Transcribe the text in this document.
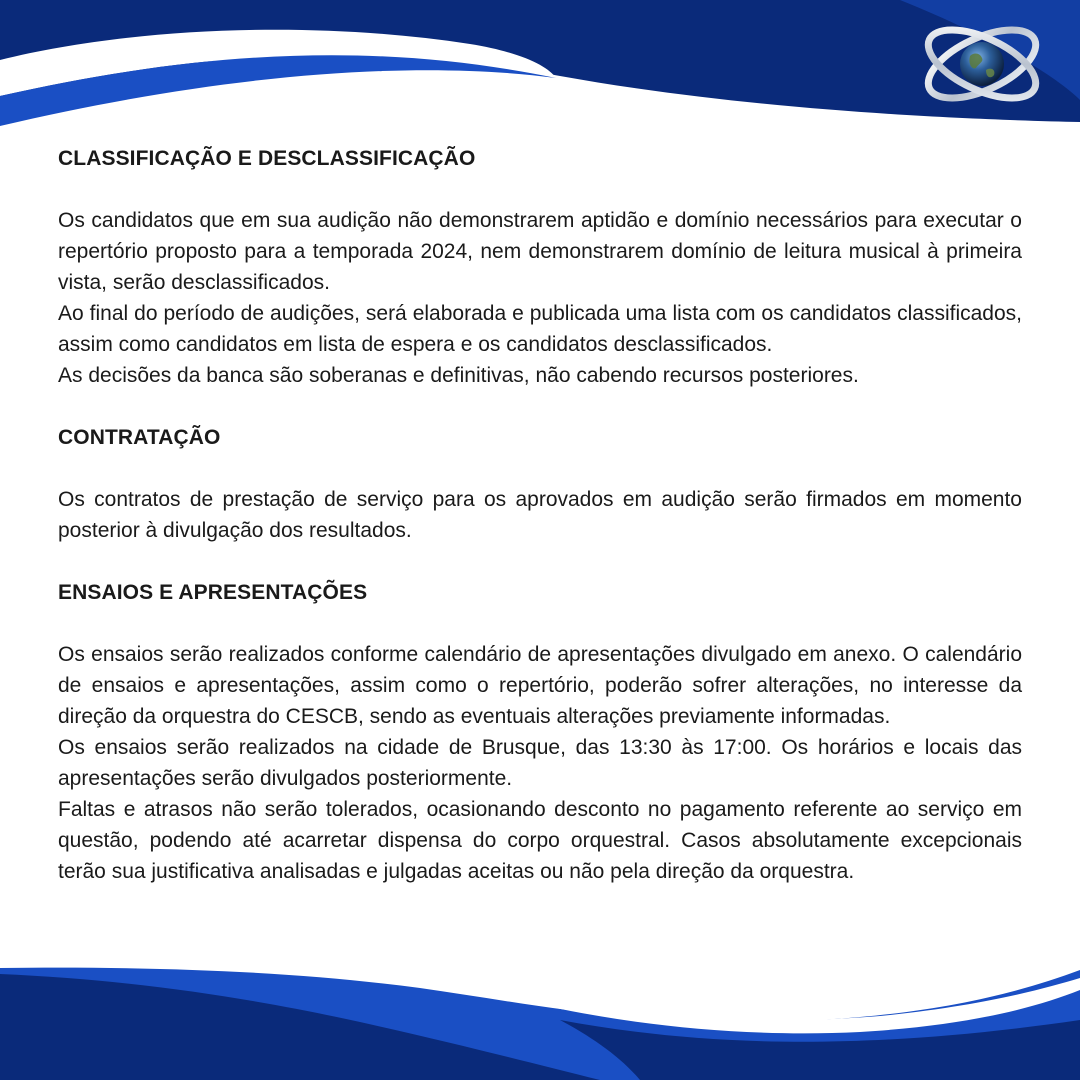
CLASSIFICAÇÃO E DESCLASSIFICAÇÃO

Os candidatos que em sua audição não demonstrarem aptidão e domínio necessários para executar o repertório proposto para a temporada 2024, nem demonstrarem domínio de leitura musical à primeira vista, serão desclassificados.

Ao final do período de audições, será elaborada e publicada uma lista com os candidatos classificados, assim como candidatos em lista de espera e os candidatos desclassificados.

As decisões da banca são soberanas e definitivas, não cabendo recursos posteriores.

CONTRATAÇÃO

Os contratos de prestação de serviço para os aprovados em audição serão firmados em momento posterior à divulgação dos resultados.

ENSAIOS E APRESENTAÇÕES

Os ensaios serão realizados conforme calendário de apresentações divulgado em anexo. O calendário de ensaios e apresentações, assim como o repertório, poderão sofrer alterações, no interesse da direção da orquestra do CESCB, sendo as eventuais alterações previamente informadas.

Os ensaios serão realizados na cidade de Brusque, das 13:30 às 17:00. Os horários e locais das apresentações serão divulgados posteriormente.

Faltas e atrasos não serão tolerados, ocasionando desconto no pagamento referente ao serviço em questão, podendo até acarretar dispensa do corpo orquestral. Casos absolutamente excepcionais terão sua justificativa analisadas e julgadas aceitas ou não pela direção da orquestra.
